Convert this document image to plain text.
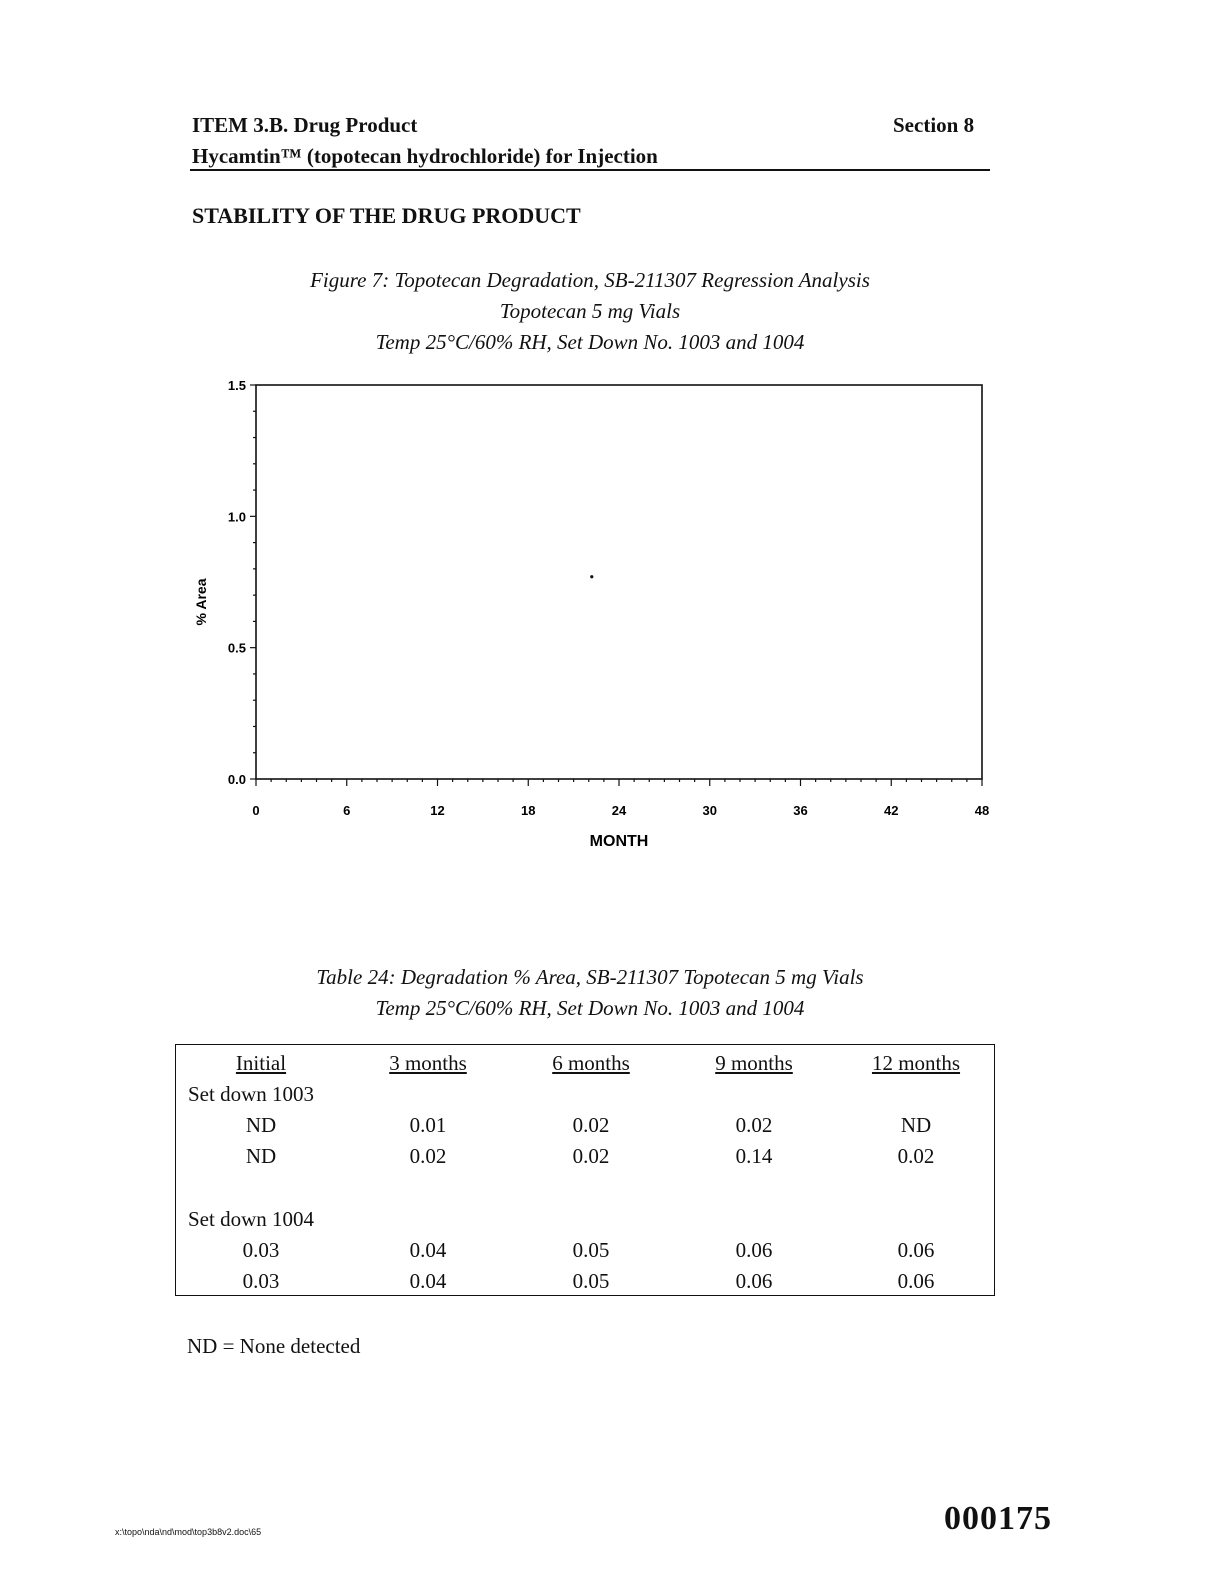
ITEM 3.B. Drug Product
Hycamtin™ (topotecan hydrochloride) for Injection
Section 8
STABILITY OF THE DRUG PRODUCT
Figure 7: Topotecan Degradation, SB-211307 Regression Analysis
Topotecan 5 mg Vials
Temp 25°C/60% RH, Set Down No. 1003 and 1004
0	6	12	18	24	30	36	42	48
0.0
0.5
1.0
1.5
MONTH
% Area
Table 24: Degradation % Area, SB-211307 Topotecan 5 mg Vials
Temp 25°C/60% RH, Set Down No. 1003 and 1004
Initial	3 months	6 months	9 months	12 months
Set down 1003
ND	0.01	0.02	0.02	ND
ND	0.02	0.02	0.14	0.02
Set down 1004
0.03	0.04	0.05	0.06	0.06
0.03	0.04	0.05	0.06	0.06
ND = None detected
000175
x:\topo\nda\nd\mod\top3b8v2.doc\65
